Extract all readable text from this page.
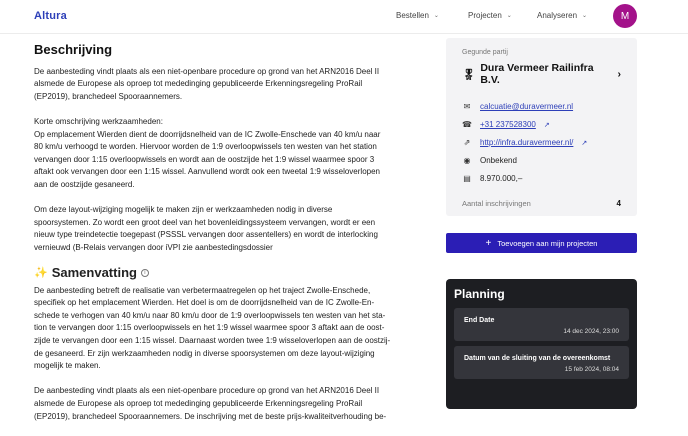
Altura	Bestellen ⌄	Projecten ⌄	Analyseren ⌄	M
Beschrijving
De aanbesteding vindt plaats als een niet-openbare procedure op grond van het ARN2016 Deel II
alsmede de Europese als oproep tot mededinging gepubliceerde Erkenningsregeling ProRail
(EP2019), branchedeel Spooraannemers.
Korte omschrijving werkzaamheden:
Op emplacement Wierden dient de doorrijdsnelheid van de IC Zwolle-Enschede van 40 km/u naar
80 km/u verhoogd te worden. Hiervoor worden de 1:9 overloopwissels ten westen van het station
vervangen door 1:15 overloopwissels en wordt aan de oostzijde het 1:9 wissel waarmee spoor 3
aftakt ook vervangen door een 1:15 wissel. Aanvullend wordt ook een tweetal 1:9 wisseloverlopen
aan de oostzijde gesaneerd.
Om deze layout-wijziging mogelijk te maken zijn er werkzaamheden nodig in diverse
spoorsystemen. Zo wordt een groot deel van het bovenleidingssysteem vervangen, wordt er een
nieuw type treindetectie toegepast (PSSSL vervangen door assentellers) en wordt de interlocking
vernieuwd (B-Relais vervangen door iVPI zie aanbestedingsdossier
✨ Samenvatting	i
De aanbesteding betreft de realisatie van verbetermaatregelen op het traject Zwolle-Enschede,
specifiek op het emplacement Wierden. Het doel is om de doorrijdsnelheid van de IC Zwolle-En-
schede te verhogen van 40 km/u naar 80 km/u door de 1:9 overloopwissels ten westen van het sta-
tion te vervangen door 1:15 overloopwissels en het 1:9 wissel waarmee spoor 3 aftakt aan de oost-
zijde te vervangen door een 1:15 wissel. Daarnaast worden twee 1:9 wisseloverlopen aan de oostzij-
de gesaneerd. Er zijn werkzaamheden nodig in diverse spoorsystemen om deze layout-wijziging
mogelijk te maken.
De aanbesteding vindt plaats als een niet-openbare procedure op grond van het ARN2016 Deel II
alsmede de Europese als oproep tot mededinging gepubliceerde Erkenningsregeling ProRail
(EP2019), branchedeel Spooraannemers. De inschrijving met de beste prijs-kwaliteitverhouding be-
Gegunde partij
🎖
Dura Vermeer Railinfra B.V.	›
✉ calcuatie@duravermeer.nl
☎ +31 237528300 ↗
⇗ http://infra.duravermeer.nl/ ↗
◉ Onbekend
▤ 8.970.000,–
Aantal inschrijvingen	4
+ Toevoegen aan mijn projecten
Planning
End Date
14 dec 2024, 23:00
Datum van de sluiting van de overeenkomst
15 feb 2024, 08:04
